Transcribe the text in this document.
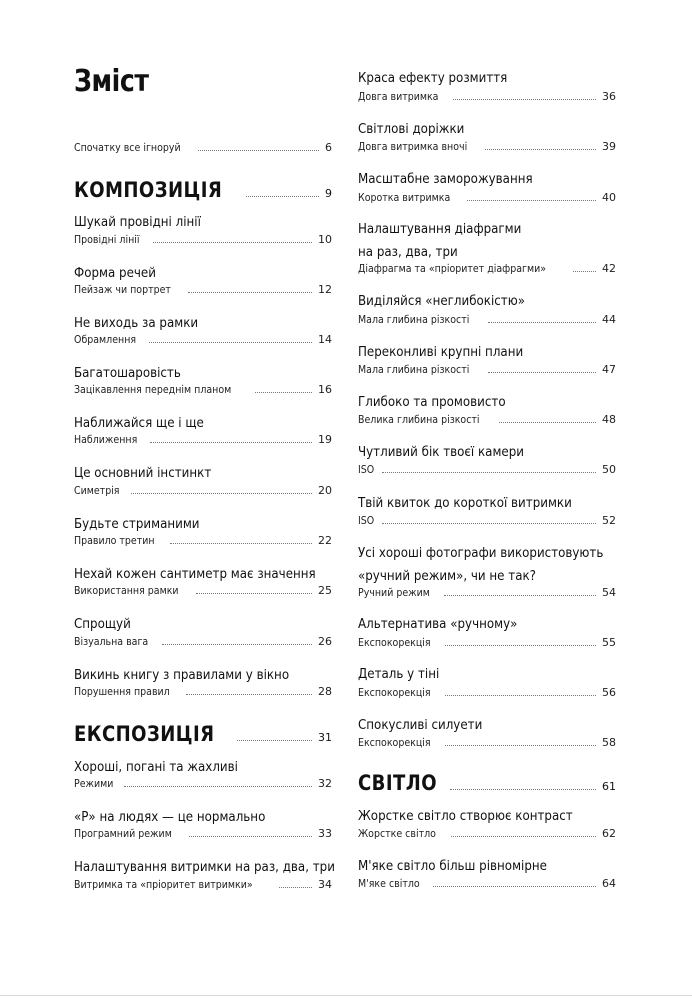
Зміст
Спочатку все ігноруй	6
КОМПОЗИЦІЯ	9
Шукай провідні лінії
Провідні лінії	10
Форма речей
Пейзаж чи портрет	12
Не виходь за рамки
Обрамлення	14
Багатошаровість
Зацікавлення переднім планом	16
Наближайся ще і ще
Наближення	19
Це основний інстинкт
Симетрія	20
Будьте стриманими
Правило третин	22
Нехай кожен сантиметр має значення
Використання рамки	25
Спрощуй
Візуальна вага	26
Викинь книгу з правилами у вікно
Порушення правил	28
ЕКСПОЗИЦІЯ	31
Хороші, погані та жахливі
Режими	32
«Р» на людях — це нормально
Програмний режим	33
Налаштування витримки на раз, два, три
Витримка та «пріоритет витримки»	34
Краса ефекту розмиття
Довга витримка	36
Світлові доріжки
Довга витримка вночі	39
Масштабне заморожування
Коротка витримка	40
Налаштування діафрагми
на раз, два, три
Діафрагма та «пріоритет діафрагми»	42
Виділяйся «неглибокістю»
Мала глибина різкості	44
Переконливі крупні плани
Мала глибина різкості	47
Глибоко та промовисто
Велика глибина різкості	48
Чутливий бік твоєї камери
ISO	50
Твій квиток до короткої витримки
ISO	52
Усі хороші фотографи використовують
«ручний режим», чи не так?
Ручний режим	54
Альтернатива «ручному»
Експокорекція	55
Деталь у тіні
Експокорекція	56
Спокусливі силуети
Експокорекція	58
СВІТЛО	61
Жорстке світло створює контраст
Жорстке світло	62
М'яке світло більш рівномірне
М'яке світло	64
